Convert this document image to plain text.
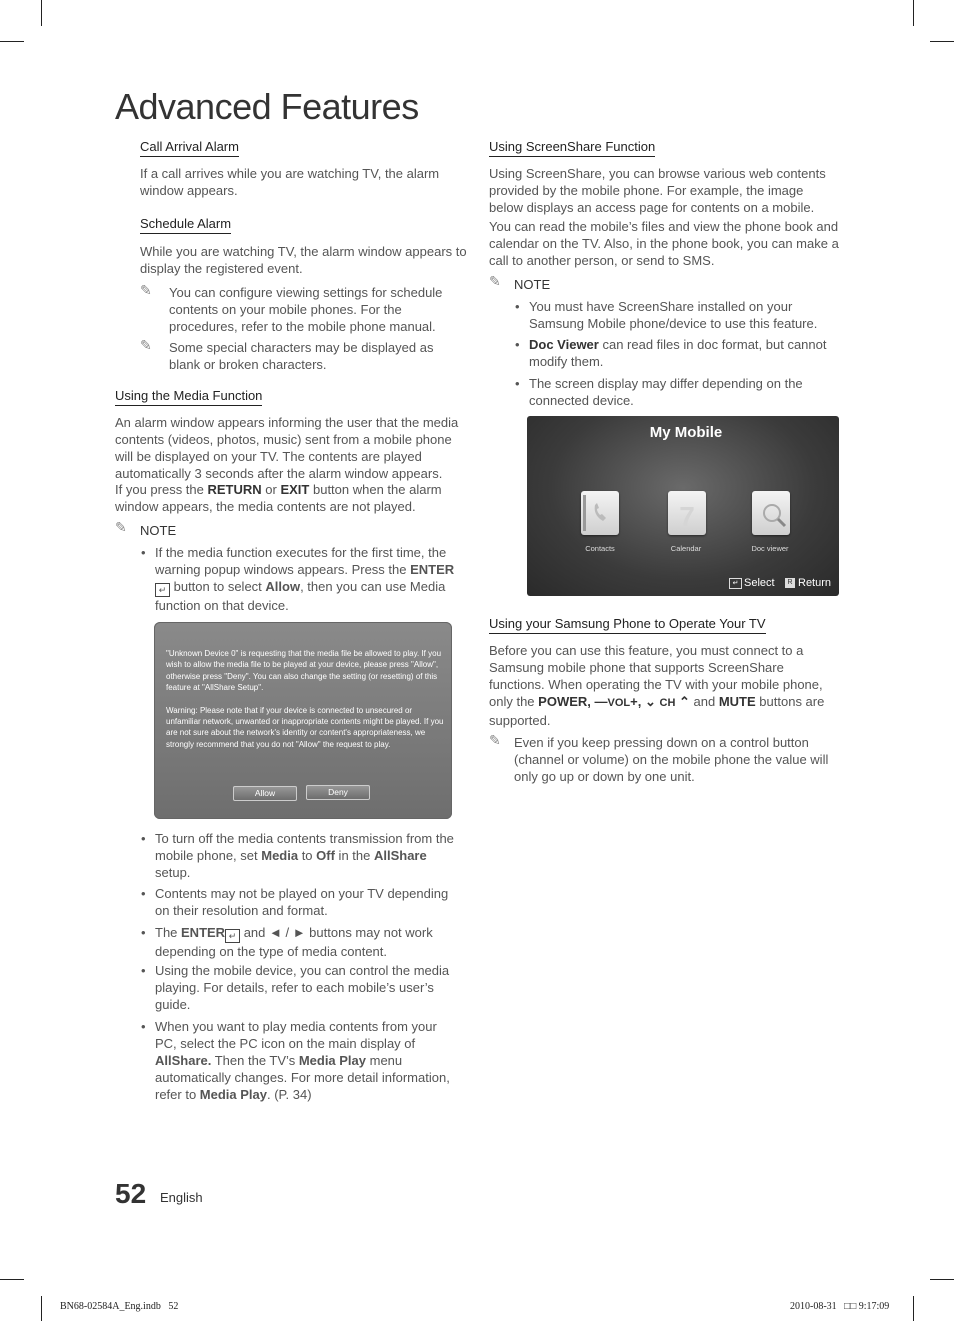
Advanced Features
Call Arrival Alarm
If a call arrives while you are watching TV, the alarm window appears.
Schedule Alarm
While you are watching TV, the alarm window appears to display the registered event.
✎ You can configure viewing settings for schedule contents on your mobile phones. For the procedures, refer to the mobile phone manual.
✎ Some special characters may be displayed as blank or broken characters.
Using the Media Function
An alarm window appears informing the user that the media contents (videos, photos, music) sent from a mobile phone will be displayed on your TV. The contents are played automatically 3 seconds after the alarm window appears.
If you press the RETURN or EXIT button when the alarm window appears, the media contents are not played.
✎ NOTE
• If the media function executes for the first time, the warning popup windows appears. Press the ENTER↵ button to select Allow, then you can use Media function on that device.
"Unknown Device 0" is requesting that the media file be allowed to play. If you wish to allow the media file to be played at your device, please press "Allow", otherwise press "Deny". You can also change the setting (or resetting) of this feature at "AllShare Setup".
Warning: Please note that if your device is connected to unsecured or unfamiliar network, unwanted or inappropriate contents might be played. If you are not sure about the network's identity or content's appropriateness, we strongly recommend that you do not "Allow" the request to play.
Allow	Deny
• To turn off the media contents transmission from the mobile phone, set Media to Off in the AllShare setup.
• Contents may not be played on your TV depending on their resolution and format.
• The ENTER ↵ and ◄ / ► buttons may not work depending on the type of media content.
• Using the mobile device, you can control the media playing. For details, refer to each mobile’s user’s guide.
• When you want to play media contents from your PC, select the PC icon on the main display of AllShare. Then the TV’s Media Play menu automatically changes. For more detail information, refer to Media Play. (P. 34)
Using ScreenShare Function
Using ScreenShare, you can browse various web contents provided by the mobile phone. For example, the image below displays an access page for contents on a mobile.
You can read the mobile’s files and view the phone book and calendar on the TV. Also, in the phone book, you can make a call to another person, or send to SMS.
✎ NOTE
• You must have ScreenShare installed on your Samsung Mobile phone/device to use this feature.
• Doc Viewer can read files in doc format, but cannot modify them.
• The screen display may differ depending on the connected device.
My Mobile
Contacts
7
Calendar	Doc viewer
↵ Select	R Return
Using your Samsung Phone to Operate Your TV
Before you can use this feature, you must connect to a Samsung mobile phone that supports ScreenShare functions. When operating the TV with your mobile phone, only the POWER, —VOL+, ⌄ CH ⌃ and MUTE buttons are supported.
✎ Even if you keep pressing down on a control button (channel or volume) on the mobile phone the value will only go up or down by one unit.
52 English
BN68-02584A_Eng.indb   52	2010-08-31   □□ 9:17:09
